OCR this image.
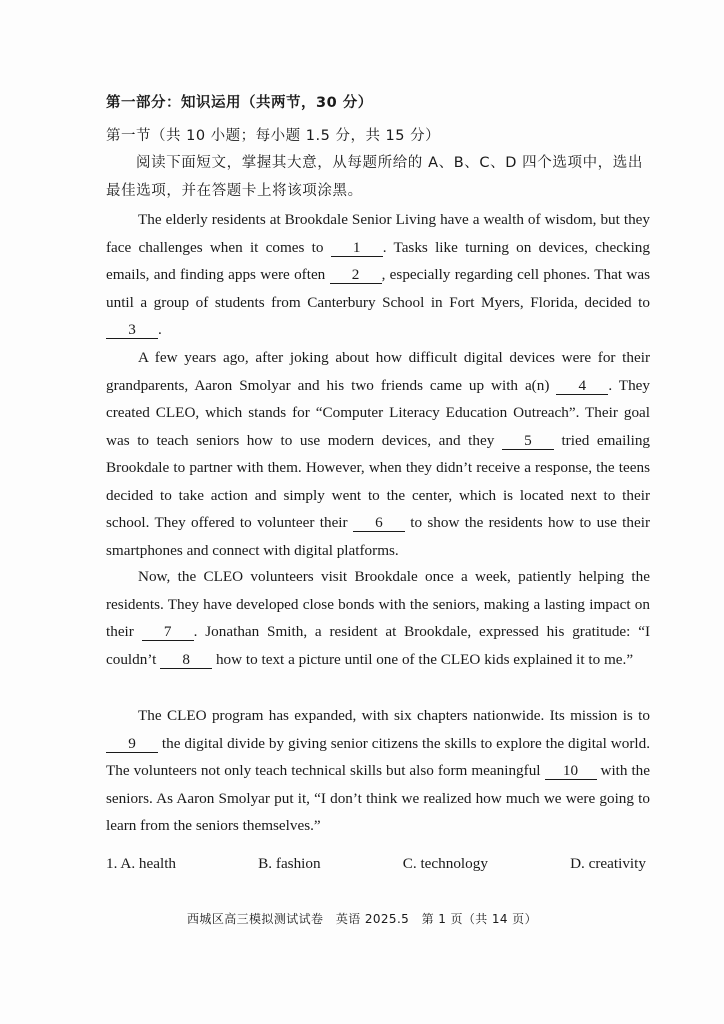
第一部分：知识运用（共两节，30 分）
第一节（共 10 小题；每小题 1.5 分，共 15 分）
阅读下面短文，掌握其大意，从每题所给的 A、B、C、D 四个选项中，选出最佳选项，并在答题卡上将该项涂黑。
The elderly residents at Brookdale Senior Living have a wealth of wisdom, but they face challenges when it comes to 1 . Tasks like turning on devices, checking emails, and finding apps were often 2 , especially regarding cell phones. That was until a group of students from Canterbury School in Fort Myers, Florida, decided to 3 .
A few years ago, after joking about how difficult digital devices were for their grandparents, Aaron Smolyar and his two friends came up with a(n) 4 . They created CLEO, which stands for “Computer Literacy Education Outreach”. Their goal was to teach seniors how to use modern devices, and they 5 tried emailing Brookdale to partner with them. However, when they didn’t receive a response, the teens decided to take action and simply went to the center, which is located next to their school. They offered to volunteer their 6 to show the residents how to use their smartphones and connect with digital platforms.
Now, the CLEO volunteers visit Brookdale once a week, patiently helping the residents. They have developed close bonds with the seniors, making a lasting impact on their 7 . Jonathan Smith, a resident at Brookdale, expressed his gratitude: “I couldn’t 8 how to text a picture until one of the CLEO kids explained it to me.”
The CLEO program has expanded, with six chapters nationwide. Its mission is to 9 the digital divide by giving senior citizens the skills to explore the digital world. The volunteers not only teach technical skills but also form meaningful 10 with the seniors. As Aaron Smolyar put it, “I don’t think we realized how much we were going to learn from the seniors themselves.”
1. A. health	B. fashion	C. technology	D. creativity
西城区高三模拟测试试卷　英语 2025.5　第 1 页（共 14 页）
